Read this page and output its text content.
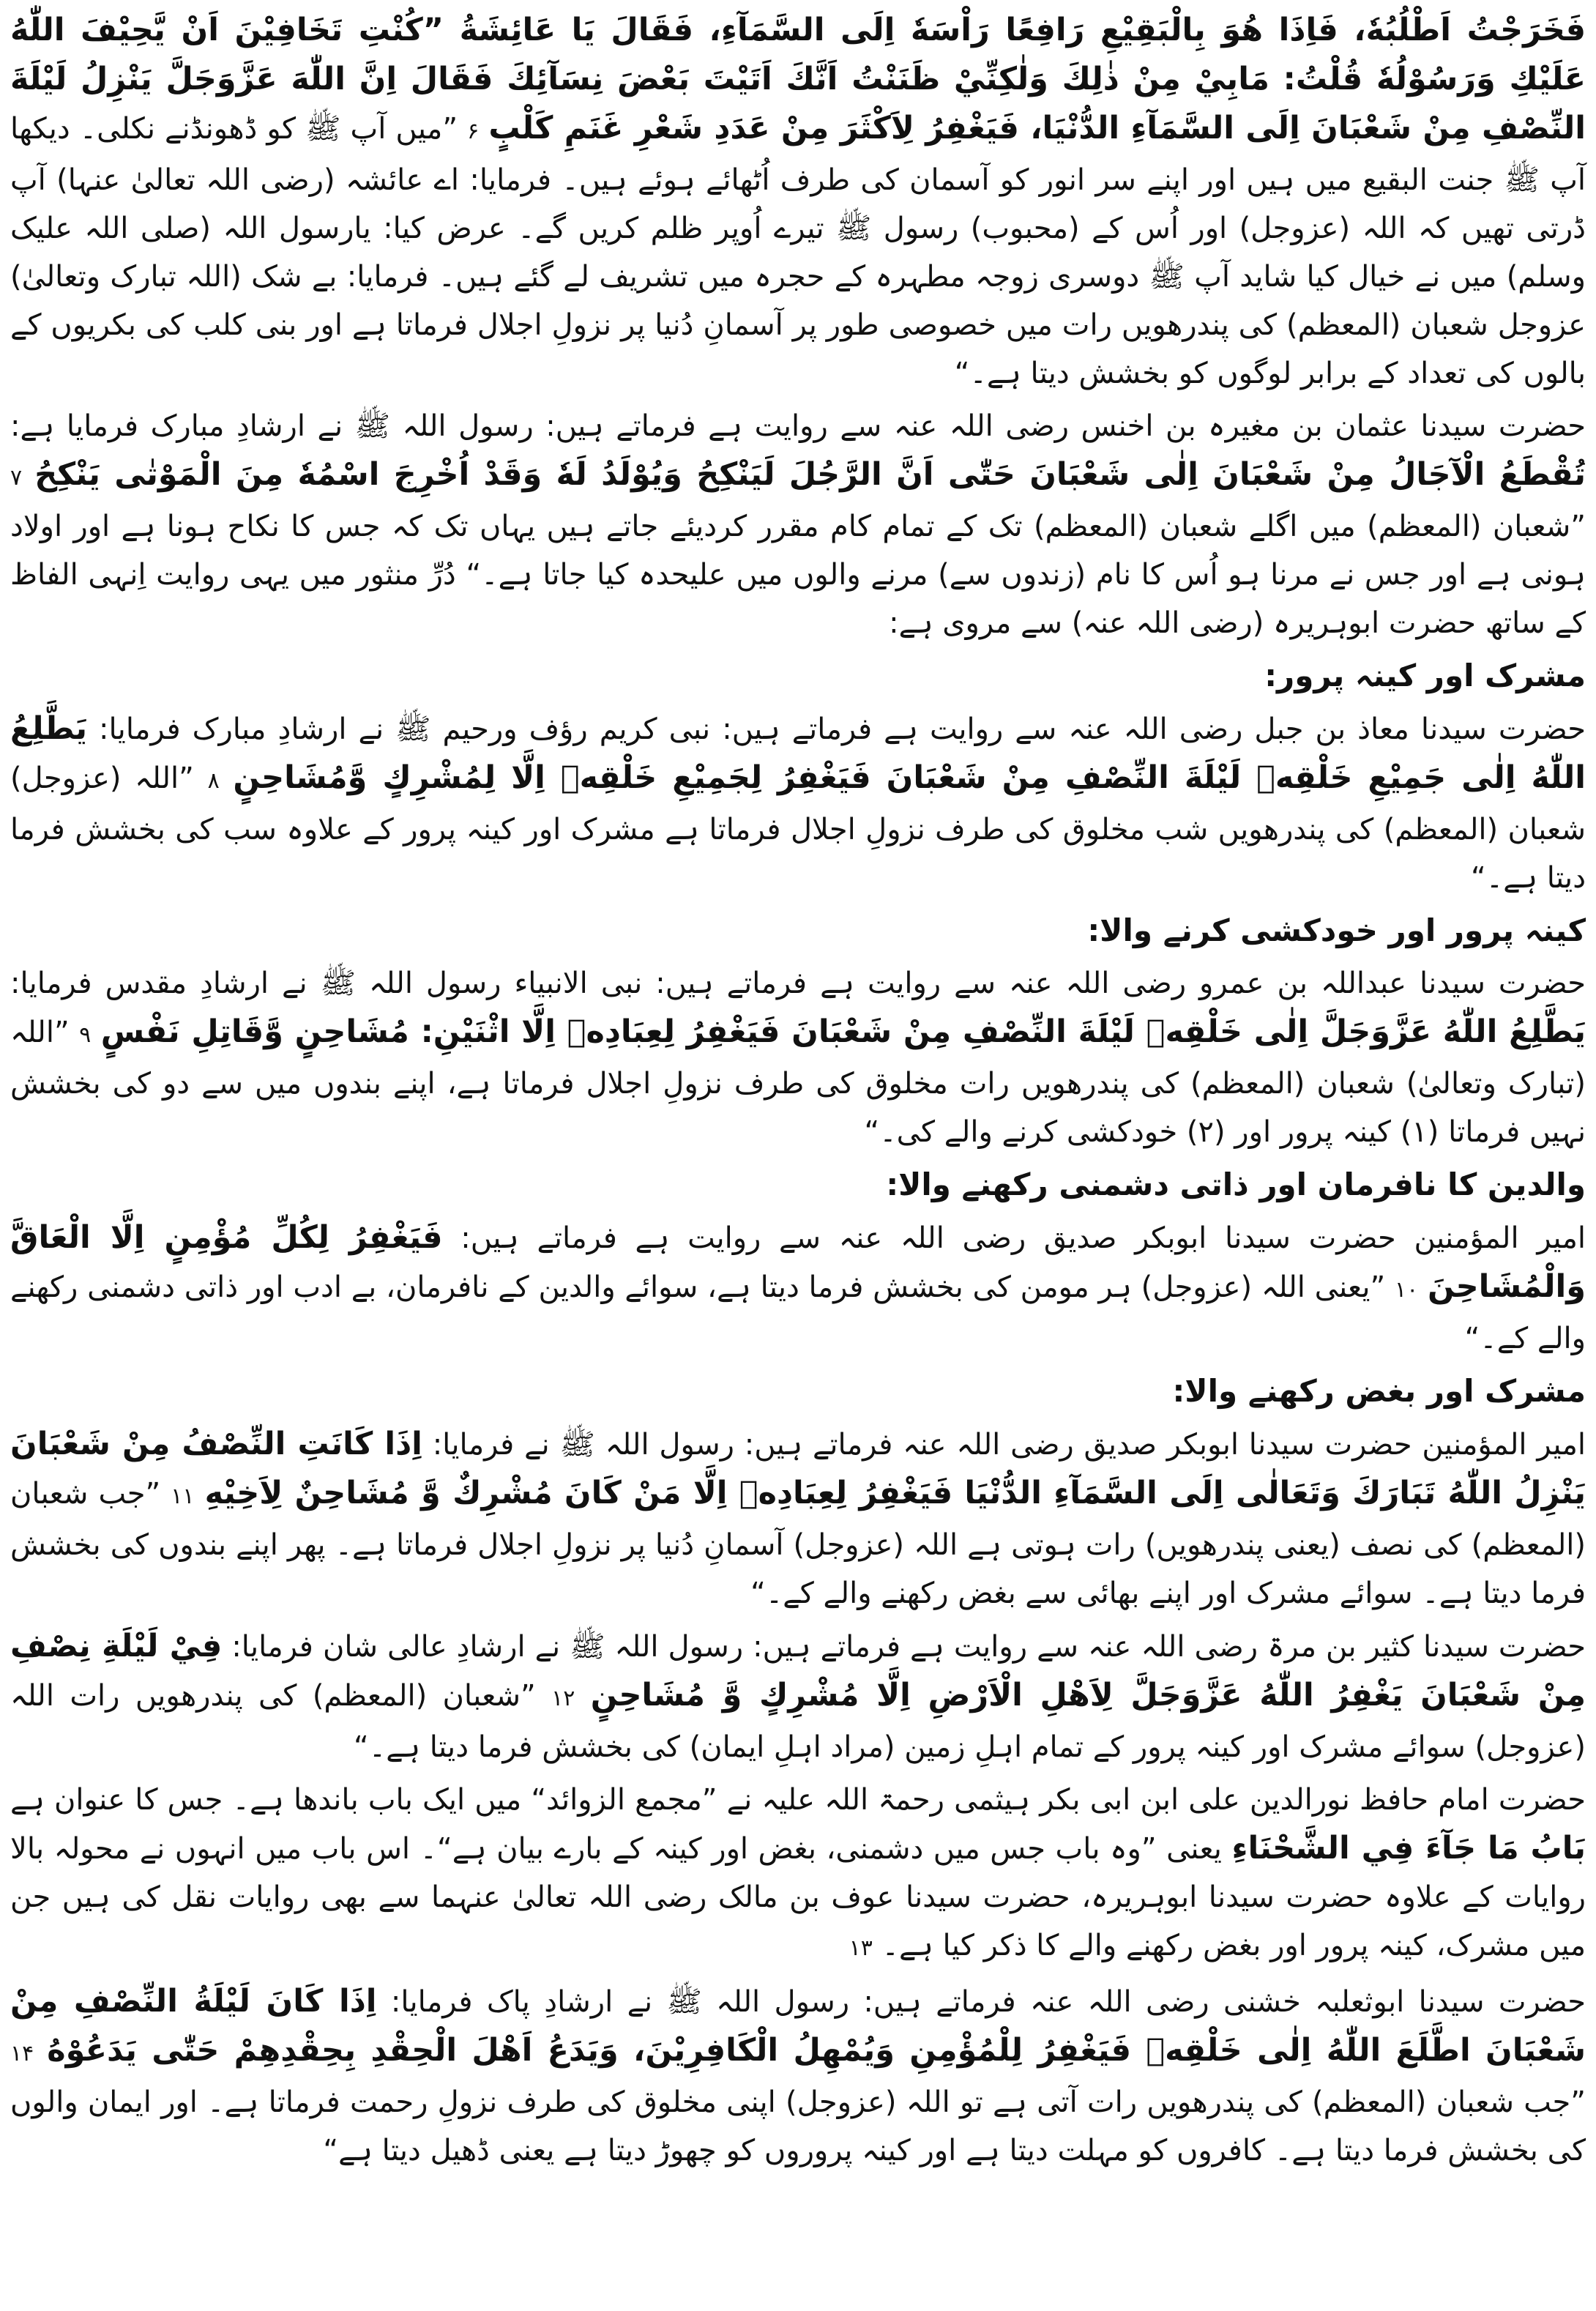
فَخَرَجْتُ اَطْلُبُهٗ، فَاِذَا هُوَ بِالْبَقِيْعِ رَافِعًا رَاْسَهٗ اِلَى السَّمَآءِ، فَقَالَ يَا عَائِشَةُ ”كُنْتِ تَخَافِيْنَ اَنْ يَّحِيْفَ اللّٰهُ عَلَيْكِ وَرَسُوْلُهٗ قُلْتُ: مَابِيْ مِنْ ذٰلِكَ وَلٰكِنِّيْ ظَنَنْتُ اَنَّكَ اَتَيْتَ بَعْضَ نِسَآئِكَ فَقَالَ اِنَّ اللّٰهَ عَزَّوَجَلَّ يَنْزِلُ لَيْلَةَ النِّصْفِ مِنْ شَعْبَانَ اِلَى السَّمَآءِ الدُّنْيَا، فَيَغْفِرُ لِاَكْثَرَ مِنْ عَدَدِ شَعْرِ غَنَمِ كَلْبٍ ۶ ”میں آپ ﷺ کو ڈھونڈنے نکلی۔ دیکھا آپ ﷺ جنت البقیع میں ہیں اور اپنے سر انور کو آسمان کی طرف اُٹھائے ہوئے ہیں۔ فرمایا: اے عائشہ (رضی اللہ تعالیٰ عنہا) آپ ڈرتی تھیں کہ اللہ (عزوجل) اور اُس کے (محبوب) رسول ﷺ تیرے اُوپر ظلم کریں گے۔ عرض کیا: یارسول اللہ (صلی اللہ علیک وسلم) میں نے خیال کیا شاید آپ ﷺ دوسری زوجہ مطہرہ کے حجرہ میں تشریف لے گئے ہیں۔ فرمایا: بے شک (اللہ تبارک وتعالیٰ) عزوجل شعبان (المعظم) کی پندرھویں رات میں خصوصی طور پر آسمانِ دُنیا پر نزولِ اجلال فرماتا ہے اور بنی کلب کی بکریوں کے بالوں کی تعداد کے برابر لوگوں کو بخشش دیتا ہے۔“

حضرت سیدنا عثمان بن مغیرہ بن اخنس رضی اللہ عنہ سے روایت ہے فرماتے ہیں: رسول اللہ ﷺ نے ارشادِ مبارک فرمایا ہے: تُقْطَعُ الْآجَالُ مِنْ شَعْبَانَ اِلٰى شَعْبَانَ حَتّٰى اَنَّ الرَّجُلَ لَيَنْكِحُ وَيُوْلَدُ لَهٗ وَقَدْ اُخْرِجَ اسْمُهٗ مِنَ الْمَوْتٰى يَنْكِحُ ۷ ”شعبان (المعظم) میں اگلے شعبان (المعظم) تک کے تمام کام مقرر کردیئے جاتے ہیں یہاں تک کہ جس کا نکاح ہونا ہے اور اولاد ہونی ہے اور جس نے مرنا ہو اُس کا نام (زندوں سے) مرنے والوں میں علیحدہ کیا جاتا ہے۔“ دُرِّ منثور میں یہی روایت اِنہی الفاظ کے ساتھ حضرت ابوہریرہ (رضی اللہ عنہ) سے مروی ہے:

مشرک اور کینہ پرور:

حضرت سیدنا معاذ بن جبل رضی اللہ عنہ سے روایت ہے فرماتے ہیں: نبی کریم رؤف ورحیم ﷺ نے ارشادِ مبارک فرمایا: يَطَّلِعُ اللّٰهُ اِلٰى جَمِيْعِ خَلْقِهٖ لَيْلَةَ النِّصْفِ مِنْ شَعْبَانَ فَيَغْفِرُ لِجَمِيْعِ خَلْقِهٖ اِلَّا لِمُشْرِكٍ وَّمُشَاحِنٍ ۸ ”اللہ (عزوجل) شعبان (المعظم) کی پندرھویں شب مخلوق کی طرف نزولِ اجلال فرماتا ہے مشرک اور کینہ پرور کے علاوہ سب کی بخشش فرما دیتا ہے۔“

کینہ پرور اور خودکشی کرنے والا:

حضرت سیدنا عبداللہ بن عمرو رضی اللہ عنہ سے روایت ہے فرماتے ہیں: نبی الانبیاء رسول اللہ ﷺ نے ارشادِ مقدس فرمایا: يَطَّلِعُ اللّٰهُ عَزَّوَجَلَّ اِلٰى خَلْقِهٖ لَيْلَةَ النِّصْفِ مِنْ شَعْبَانَ فَيَغْفِرُ لِعِبَادِهٖ اِلَّا اثْنَيْنِ: مُشَاحِنٍ وَّقَاتِلِ نَفْسٍ ۹ ”اللہ (تبارک وتعالیٰ) شعبان (المعظم) کی پندرھویں رات مخلوق کی طرف نزولِ اجلال فرماتا ہے، اپنے بندوں میں سے دو کی بخشش نہیں فرماتا (۱) کینہ پرور اور (۲) خودکشی کرنے والے کی۔“

والدین کا نافرمان اور ذاتی دشمنی رکھنے والا:

امیر المؤمنین حضرت سیدنا ابوبکر صدیق رضی اللہ عنہ سے روایت ہے فرماتے ہیں: فَيَغْفِرُ لِكُلِّ مُؤْمِنٍ اِلَّا الْعَاقَّ وَالْمُشَاحِنَ ۱۰ ”یعنی اللہ (عزوجل) ہر مومن کی بخشش فرما دیتا ہے، سوائے والدین کے نافرمان، بے ادب اور ذاتی دشمنی رکھنے والے کے۔“

مشرک اور بغض رکھنے والا:

امیر المؤمنین حضرت سیدنا ابوبکر صدیق رضی اللہ عنہ فرماتے ہیں: رسول اللہ ﷺ نے فرمایا: اِذَا كَانَتِ النِّصْفُ مِنْ شَعْبَانَ يَنْزِلُ اللّٰهُ تَبَارَكَ وَتَعَالٰى اِلَى السَّمَآءِ الدُّنْيَا فَيَغْفِرُ لِعِبَادِهٖ اِلَّا مَنْ كَانَ مُشْرِكٌ وَّ مُشَاحِنٌ لِاَخِيْهِ ۱۱ ”جب شعبان (المعظم) کی نصف (یعنی پندرھویں) رات ہوتی ہے اللہ (عزوجل) آسمانِ دُنیا پر نزولِ اجلال فرماتا ہے۔ پھر اپنے بندوں کی بخشش فرما دیتا ہے۔ سوائے مشرک اور اپنے بھائی سے بغض رکھنے والے کے۔“

حضرت سیدنا کثیر بن مرۃ رضی اللہ عنہ سے روایت ہے فرماتے ہیں: رسول اللہ ﷺ نے ارشادِ عالی شان فرمایا: فِيْ لَيْلَةِ نِصْفِ مِنْ شَعْبَانَ يَغْفِرُ اللّٰهُ عَزَّوَجَلَّ لِاَهْلِ الْاَرْضِ اِلَّا مُشْرِكٍ وَّ مُشَاحِنٍ ۱۲ ”شعبان (المعظم) کی پندرھویں رات اللہ (عزوجل) سوائے مشرک اور کینہ پرور کے تمام اہلِ زمین (مراد اہلِ ایمان) کی بخشش فرما دیتا ہے۔“

حضرت امام حافظ نورالدین علی ابن ابی بکر ہیثمی رحمۃ اللہ علیہ نے ”مجمع الزوائد“ میں ایک باب باندھا ہے۔ جس کا عنوان ہے بَابُ مَا جَآءَ فِي الشَّحْنَاءِ یعنی ”وہ باب جس میں دشمنی، بغض اور کینہ کے بارے بیان ہے“۔ اس باب میں انہوں نے محولہ بالا روایات کے علاوہ حضرت سیدنا ابوہریرہ، حضرت سیدنا عوف بن مالک رضی اللہ تعالیٰ عنہما سے بھی روایات نقل کی ہیں جن میں مشرک، کینہ پرور اور بغض رکھنے والے کا ذکر کیا ہے۔ ۱۳

حضرت سیدنا ابوثعلبہ خشنی رضی اللہ عنہ فرماتے ہیں: رسول اللہ ﷺ نے ارشادِ پاک فرمایا: اِذَا كَانَ لَيْلَةُ النِّصْفِ مِنْ شَعْبَانَ اطَّلَعَ اللّٰهُ اِلٰى خَلْقِهٖ فَيَغْفِرُ لِلْمُؤْمِنِ وَيُمْهِلُ الْكَافِرِيْنَ، وَيَدَعُ اَهْلَ الْحِقْدِ بِحِقْدِهِمْ حَتّٰى يَدَعُوْهُ ۱۴ ”جب شعبان (المعظم) کی پندرھویں رات آتی ہے تو اللہ (عزوجل) اپنی مخلوق کی طرف نزولِ رحمت فرماتا ہے۔ اور ایمان والوں کی بخشش فرما دیتا ہے۔ کافروں کو مہلت دیتا ہے اور کینہ پروروں کو چھوڑ دیتا ہے یعنی ڈھیل دیتا ہے“
